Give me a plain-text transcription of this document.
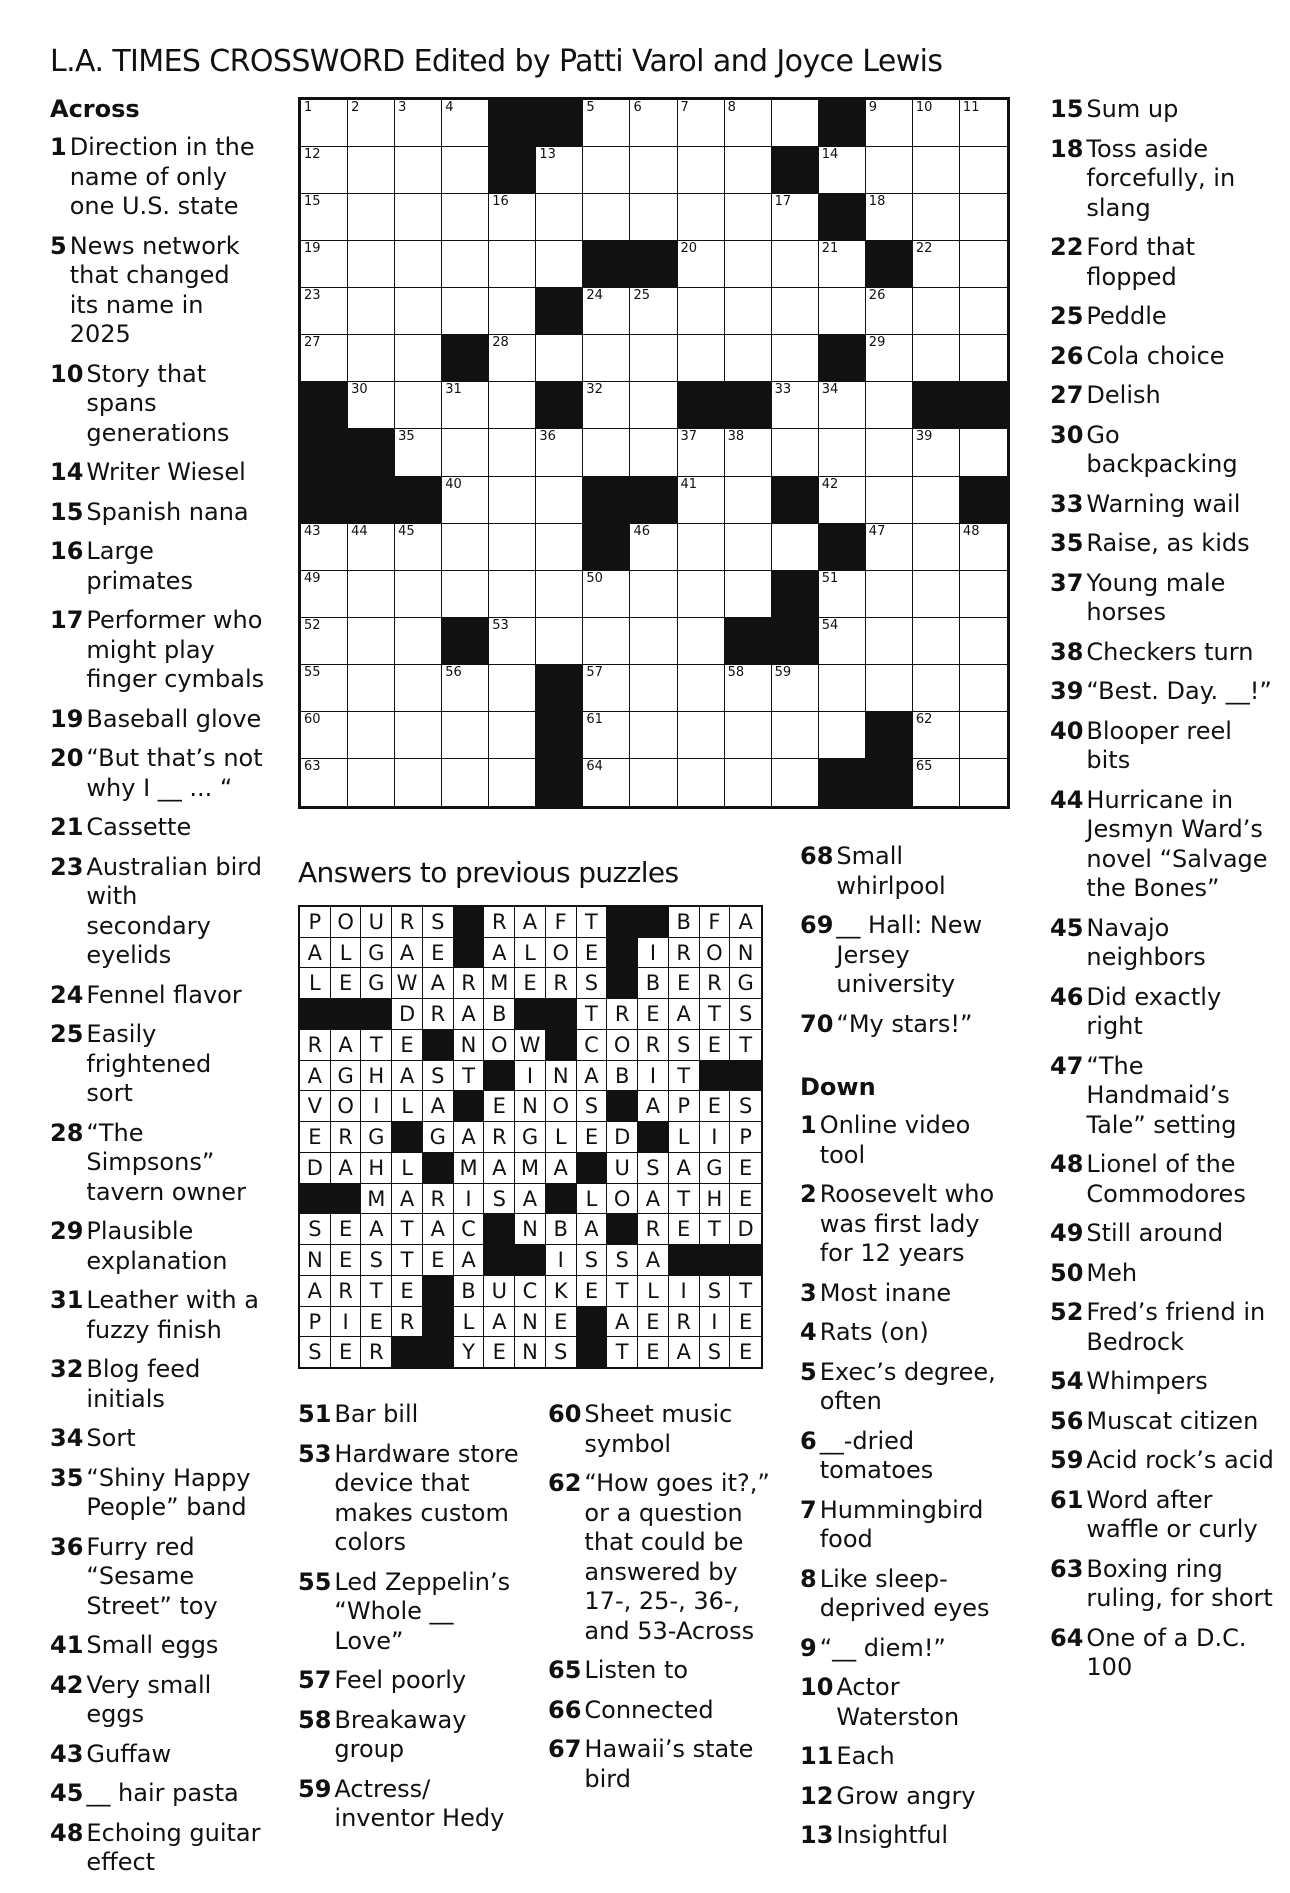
L.A. TIMES CROSSWORD Edited by Patti Varol and Joyce Lewis
Across
1 Direction in the name of only one U.S. state
5 News network that changed its name in 2025
10 Story that spans generations
14 Writer Wiesel
15 Spanish nana
16 Large primates
17 Performer who might play finger cymbals
19 Baseball glove
20 “But that’s not why I __ ... “
21 Cassette
23 Australian bird with secondary eyelids
24 Fennel flavor
25 Easily frightened sort
28 “The Simpsons” tavern owner
29 Plausible explanation
31 Leather with a fuzzy finish
32 Blog feed initials
34 Sort
35 “Shiny Happy People” band
36 Furry red “Sesame Street” toy
41 Small eggs
42 Very small eggs
43 Guffaw
45 __ hair pasta
48 Echoing guitar effect
1	2	3	4	5	6	7	8	9	10 11
12	13	14
15	16	17	18
19	20	21	22
23	24 25	26
27	28	29
30	31	32	33 34
35	36	37 38	39
40	41	42
43 44 45	46	47	48
49	50	51
52	53	54
55	56	57	58 59
60	61	62
63	64	65
Answers to previous puzzles
P O U R S	R A F T	B F A
A L G A E	A L O E	I R O N
L E G W A R M E R S	B E R G
D R A B	T R E A T S
R A T E	N O W	C O R S E T
A G H A S T	I N A B I	T
V O I	L A	E N O S	A P E S
E R G	G A R G L E D	L	I	P
D A H L	M A M A	U S A G E
M A R I S A	L O A T H E
S E A T A C	N B A	R E T D
N E S T E A	I S S A
A R T E	B U C K E T L	I S T
P	I	E R	L A N E	A E R I	E
S E R	Y E N S	T E A S E
51 Bar bill
53 Hardware store device that makes custom colors
55 Led Zeppelin’s “Whole __ Love”
57 Feel poorly
58 Breakaway group
59 Actress/ inventor Hedy
60 Sheet music symbol
62 “How goes it?,” or a question that could be answered by 17-, 25-, 36-, and 53-Across
65 Listen to
66 Connected
67 Hawaii’s state bird
68 Small whirlpool
69 __ Hall: New Jersey university
70 “My stars!”
Down
1 Online video tool
2 Roosevelt who was first lady for 12 years
3 Most inane
4 Rats (on)
5 Exec’s degree, often
6 __-dried tomatoes
7 Hummingbird food
8 Like sleep-deprived eyes
9 “__ diem!”
10 Actor Waterston
11 Each
12 Grow angry
13 Insightful
15 Sum up
18 Toss aside forcefully, in slang
22 Ford that flopped
25 Peddle
26 Cola choice
27 Delish
30 Go backpacking
33 Warning wail
35 Raise, as kids
37 Young male horses
38 Checkers turn
39 “Best. Day. __!”
40 Blooper reel bits
44 Hurricane in Jesmyn Ward’s novel “Salvage the Bones”
45 Navajo neighbors
46 Did exactly right
47 “The Handmaid’s Tale” setting
48 Lionel of the Commodores
49 Still around
50 Meh
52 Fred’s friend in Bedrock
54 Whimpers
56 Muscat citizen
59 Acid rock’s acid
61 Word after waffle or curly
63 Boxing ring ruling, for short
64 One of a D.C. 100
